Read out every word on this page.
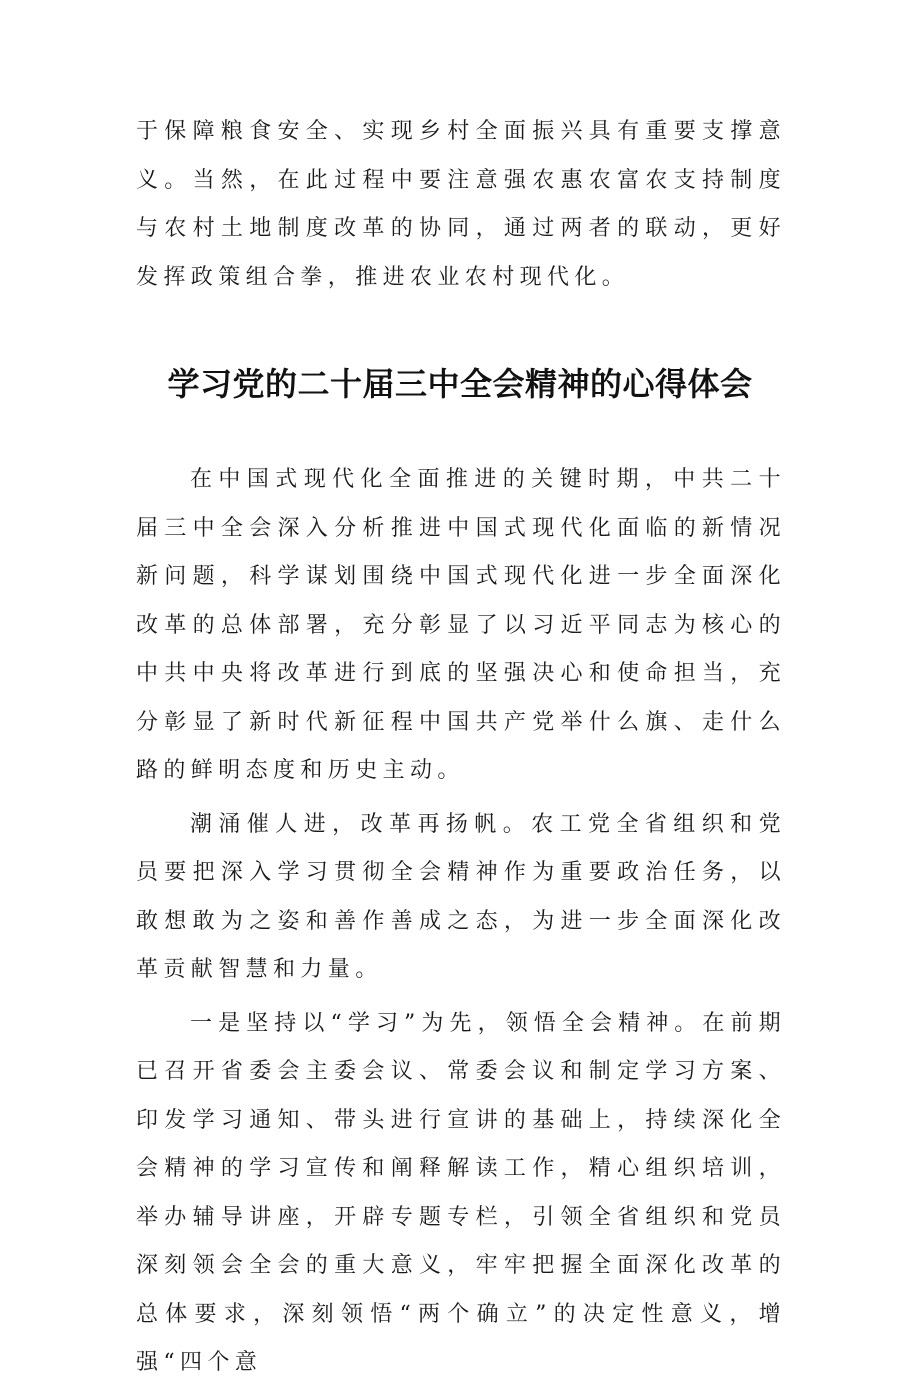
于保障粮食安全、实现乡村全面振兴具有重要支撑意义。当然，在此过程中要注意强农惠农富农支持制度与农村土地制度改革的协同，通过两者的联动，更好发挥政策组合拳，推进农业农村现代化。

学习党的二十届三中全会精神的心得体会

在中国式现代化全面推进的关键时期，中共二十届三中全会深入分析推进中国式现代化面临的新情况新问题，科学谋划围绕中国式现代化进一步全面深化改革的总体部署，充分彰显了以习近平同志为核心的中共中央将改革进行到底的坚强决心和使命担当，充分彰显了新时代新征程中国共产党举什么旗、走什么路的鲜明态度和历史主动。

潮涌催人进，改革再扬帆。农工党全省组织和党员要把深入学习贯彻全会精神作为重要政治任务，以敢想敢为之姿和善作善成之态，为进一步全面深化改革贡献智慧和力量。

一是坚持以“学习”为先，领悟全会精神。在前期已召开省委会主委会议、常委会议和制定学习方案、印发学习通知、带头进行宣讲的基础上，持续深化全会精神的学习宣传和阐释解读工作，精心组织培训，举办辅导讲座，开辟专题专栏，引领全省组织和党员深刻领会全会的重大意义，牢牢把握全面深化改革的总体要求，深刻领悟“两个确立”的决定性意义，增强“四个意
